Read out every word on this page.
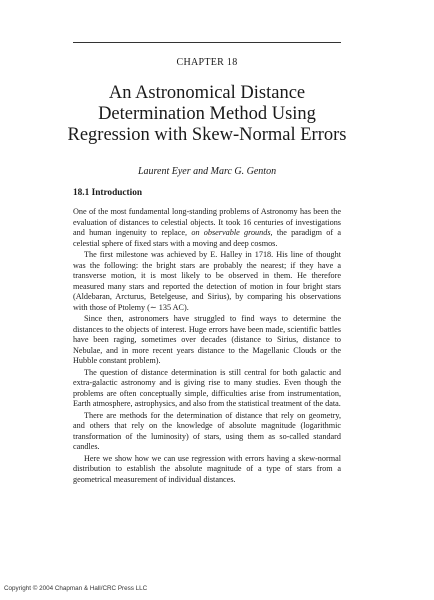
CHAPTER 18
An Astronomical Distance Determination Method Using Regression with Skew-Normal Errors
Laurent Eyer and Marc G. Genton
18.1 Introduction

One of the most fundamental long-standing problems of Astronomy has been the evaluation of distances to celestial objects. It took 16 centuries of investigations and human ingenuity to replace, on observable grounds, the paradigm of a celestial sphere of fixed stars with a moving and deep cosmos.

The first milestone was achieved by E. Halley in 1718. His line of thought was the following: the bright stars are probably the nearest; if they have a transverse motion, it is most likely to be observed in them. He therefore measured many stars and reported the detection of motion in four bright stars (Aldebaran, Arcturus, Betelgeuse, and Sirius), by comparing his observations with those of Ptolemy (∼ 135 AC).

Since then, astronomers have struggled to find ways to determine the distances to the objects of interest. Huge errors have been made, scientific battles have been raging, sometimes over decades (distance to Sirius, distance to Nebulae, and in more recent years distance to the Magellanic Clouds or the Hubble constant problem).

The question of distance determination is still central for both galactic and extra-galactic astronomy and is giving rise to many studies. Even though the problems are often conceptually simple, difficulties arise from instrumentation, Earth atmosphere, astrophysics, and also from the statistical treatment of the data.

There are methods for the determination of distance that rely on geometry, and others that rely on the knowledge of absolute magnitude (logarithmic transformation of the luminosity) of stars, using them as so-called standard candles.

Here we show how we can use regression with errors having a skew-normal distribution to establish the absolute magnitude of a type of stars from a geometrical measurement of individual distances.

Copyright © 2004 Chapman & Hall/CRC Press LLC
